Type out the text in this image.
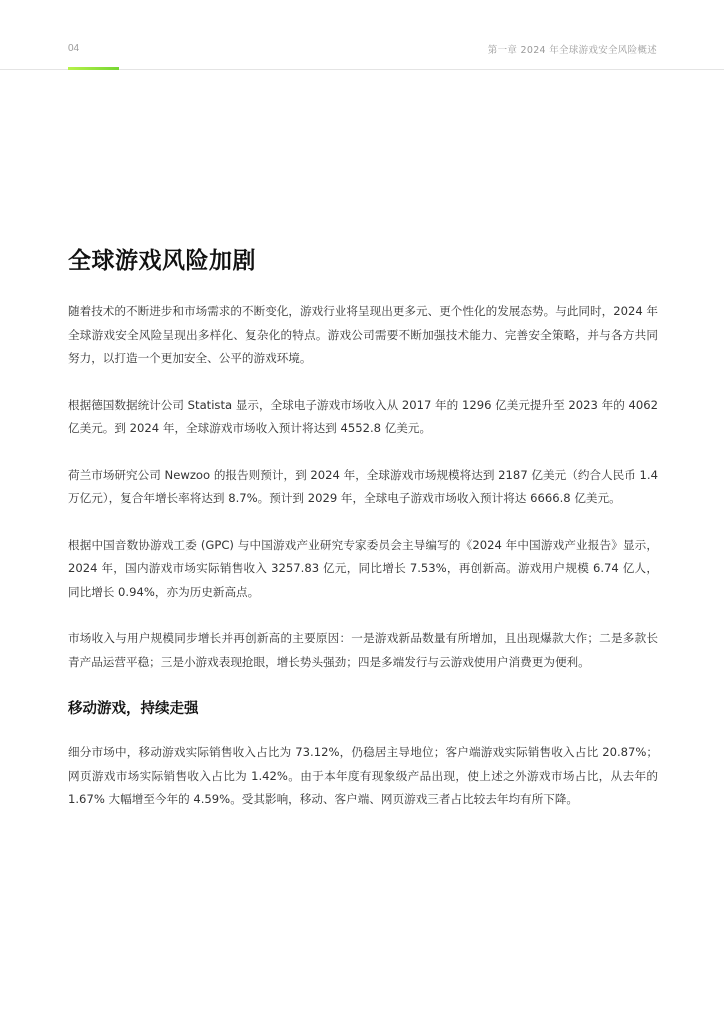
04	第一章 2024 年全球游戏安全风险概述
全球游戏风险加剧

随着技术的不断进步和市场需求的不断变化，游戏行业将呈现出更多元、更个性化的发展态势。与此同时，2024 年全球游戏安全风险呈现出多样化、复杂化的特点。游戏公司需要不断加强技术能力、完善安全策略，并与各方共同努力，以打造一个更加安全、公平的游戏环境。

根据德国数据统计公司 Statista 显示，全球电子游戏市场收入从 2017 年的 1296 亿美元提升至 2023 年的 4062 亿美元。到 2024 年，全球游戏市场收入预计将达到 4552.8 亿美元。

荷兰市场研究公司 Newzoo 的报告则预计，到 2024 年，全球游戏市场规模将达到 2187 亿美元（约合人民币 1.4 万亿元），复合年增长率将达到 8.7%。预计到 2029 年，全球电子游戏市场收入预计将达 6666.8 亿美元。

根据中国音数协游戏工委 (GPC) 与中国游戏产业研究专家委员会主导编写的《2024 年中国游戏产业报告》显示，2024 年，国内游戏市场实际销售收入 3257.83 亿元，同比增长 7.53%，再创新高。游戏用户规模 6.74 亿人，同比增长 0.94%，亦为历史新高点。

市场收入与用户规模同步增长并再创新高的主要原因：一是游戏新品数量有所增加，且出现爆款大作；二是多款长青产品运营平稳；三是小游戏表现抢眼，增长势头强劲；四是多端发行与云游戏使用户消费更为便利。

移动游戏，持续走强

细分市场中，移动游戏实际销售收入占比为 73.12%，仍稳居主导地位；客户端游戏实际销售收入占比 20.87%；网页游戏市场实际销售收入占比为 1.42%。由于本年度有现象级产品出现，使上述之外游戏市场占比，从去年的 1.67% 大幅增至今年的 4.59%。受其影响，移动、客户端、网页游戏三者占比较去年均有所下降。
